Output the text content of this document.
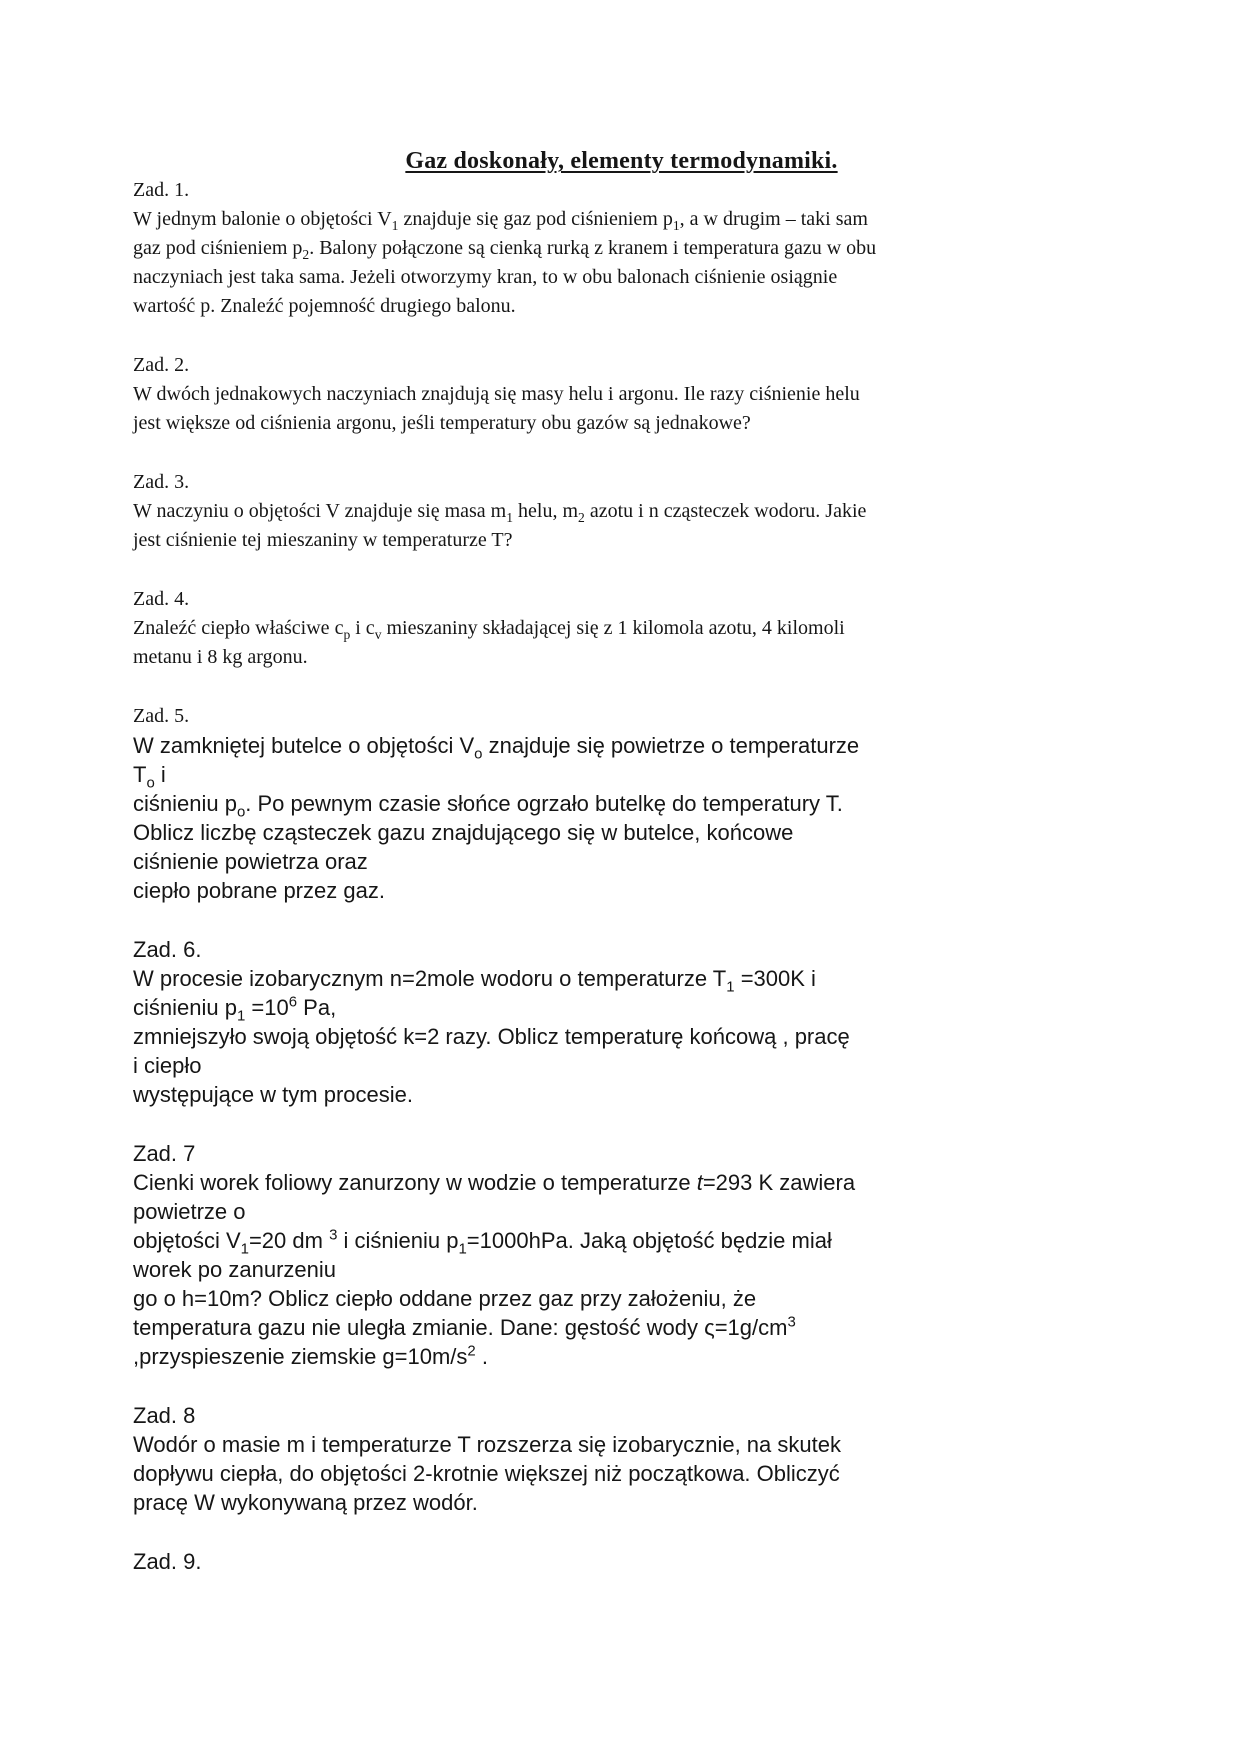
Gaz doskonały, elementy termodynamiki.
Zad. 1.

W jednym balonie o objętości $V_1$ znajduje się gaz pod ciśnieniem $p_1$, a w drugim – taki sam
gaz pod ciśnieniem $p_2$. Balony połączone są cienką rurką z kranem i temperatura gazu w obu
naczyniach jest taka sama. Jeżeli otworzymy kran, to w obu balonach ciśnienie osiągnie
wartość p. Znaleźć pojemność drugiego balonu.

Zad. 2.

W dwóch jednakowych naczyniach znajdują się masy helu i argonu. Ile razy ciśnienie helu
jest większe od ciśnienia argonu, jeśli temperatury obu gazów są jednakowe?

Zad. 3.

W naczyniu o objętości V znajduje się masa $m_1$ helu, $m_2$ azotu i n cząsteczek wodoru. Jakie
jest ciśnienie tej mieszaniny w temperaturze T?

Zad. 4.

Znaleźć ciepło właściwe $c_p$ i $c_v$ mieszaniny składającej się z 1 kilomola azotu, 4 kilomoli
metanu i 8 kg argonu.

Zad. 5.

W zamkniętej butelce o objętości $V_o$ znajduje się powietrze o temperaturze
$T_o$ i
ciśnieniu $p_o$. Po pewnym czasie słońce ogrzało butelkę do temperatury T.
Oblicz liczbę cząsteczek gazu znajdującego się w butelce, końcowe
ciśnienie powietrza oraz
ciepło pobrane przez gaz.

Zad. 6.

W procesie izobarycznym n=2mole wodoru o temperaturze $T_1 =300K$ i
ciśnieniu $p_1 =10^6$ Pa,
zmniejszyło swoją objętość k=2 razy. Oblicz temperaturę końcową , pracę
i ciepło
występujące w tym procesie.

Zad. 7

Cienki worek foliowy zanurzony w wodzie o temperaturze t=293 K zawiera
powietrze o
objętości $V_1=20$ dm $^3$ i ciśnieniu $p_1=1000hPa$. Jaką objętość będzie miał
worek po zanurzeniu
go o h=10m? Oblicz ciepło oddane przez gaz przy założeniu, że
temperatura gazu nie uległa zmianie. Dane: gęstość wody $\varsigma=1g/cm^3$
,przyspieszenie ziemskie $g=10m/s^2$ .

Zad. 8

Wodór o masie m i temperaturze T rozszerza się izobarycznie, na skutek
dopływu ciepła, do objętości 2-krotnie większej niż początkowa. Obliczyć
pracę W wykonywaną przez wodór.

Zad. 9.
